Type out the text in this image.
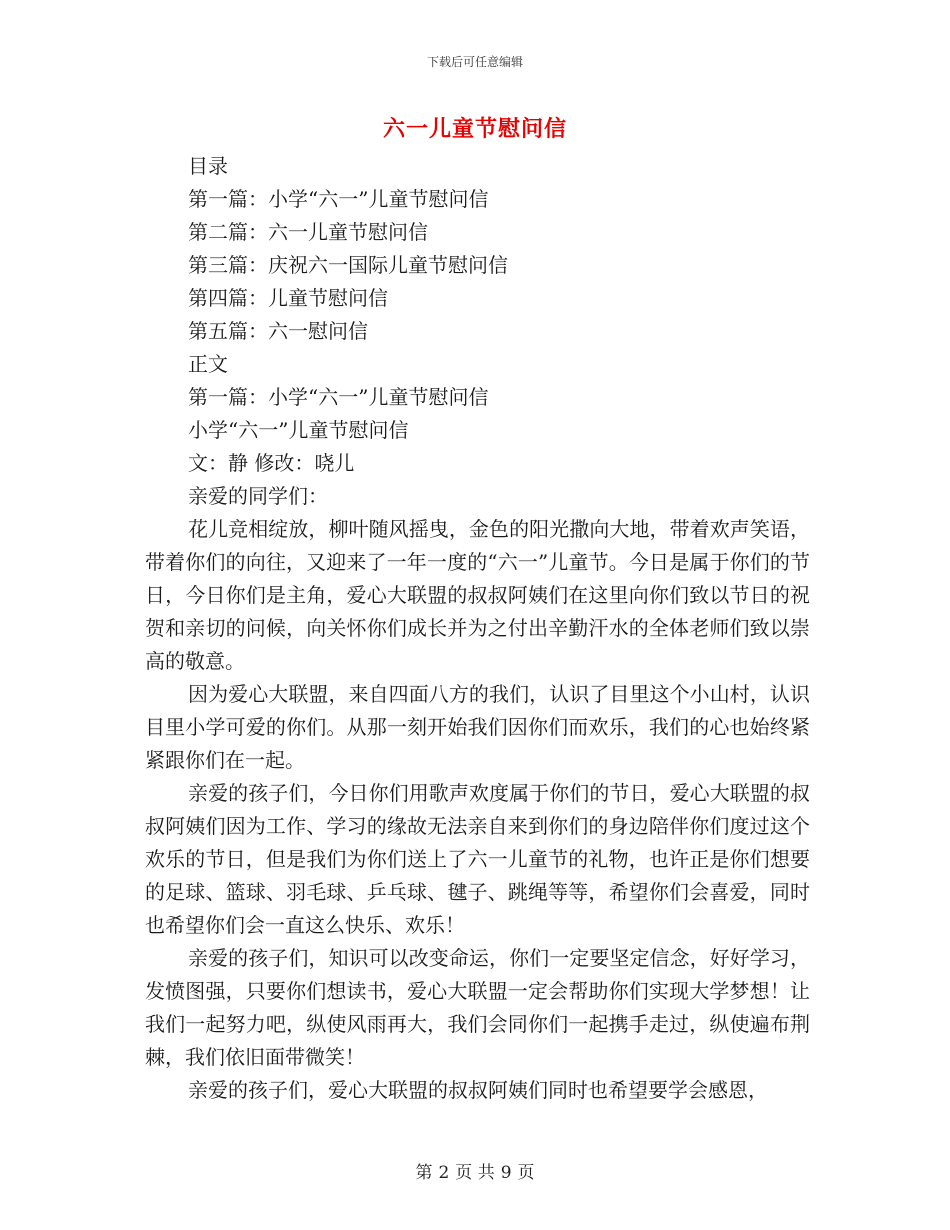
下载后可任意编辑
六一儿童节慰问信

目录

第一篇：小学“六一”儿童节慰问信

第二篇：六一儿童节慰问信

第三篇：庆祝六一国际儿童节慰问信

第四篇：儿童节慰问信

第五篇：六一慰问信

正文

第一篇：小学“六一”儿童节慰问信

小学“六一”儿童节慰问信

文：静 修改：哓儿

亲爱的同学们：

花儿竞相绽放，柳叶随风摇曳，金色的阳光撒向大地，带着欢声笑语，带着你们的向往，又迎来了一年一度的“六一”儿童节。今日是属于你们的节日，今日你们是主角，爱心大联盟的叔叔阿姨们在这里向你们致以节日的祝贺和亲切的问候，向关怀你们成长并为之付出辛勤汗水的全体老师们致以崇高的敬意。

因为爱心大联盟，来自四面八方的我们，认识了目里这个小山村，认识目里小学可爱的你们。从那一刻开始我们因你们而欢乐，我们的心也始终紧紧跟你们在一起。

亲爱的孩子们，今日你们用歌声欢度属于你们的节日，爱心大联盟的叔叔阿姨们因为工作、学习的缘故无法亲自来到你们的身边陪伴你们度过这个欢乐的节日，但是我们为你们送上了六一儿童节的礼物，也许正是你们想要的足球、篮球、羽毛球、乒乓球、毽子、跳绳等等，希望你们会喜爱，同时也希望你们会一直这么快乐、欢乐！

亲爱的孩子们，知识可以改变命运，你们一定要坚定信念，好好学习，发愤图强，只要你们想读书，爱心大联盟一定会帮助你们实现大学梦想！让我们一起努力吧，纵使风雨再大，我们会同你们一起携手走过，纵使遍布荆棘，我们依旧面带微笑！

亲爱的孩子们，爱心大联盟的叔叔阿姨们同时也希望要学会感恩，

第 2 页 共 9 页
